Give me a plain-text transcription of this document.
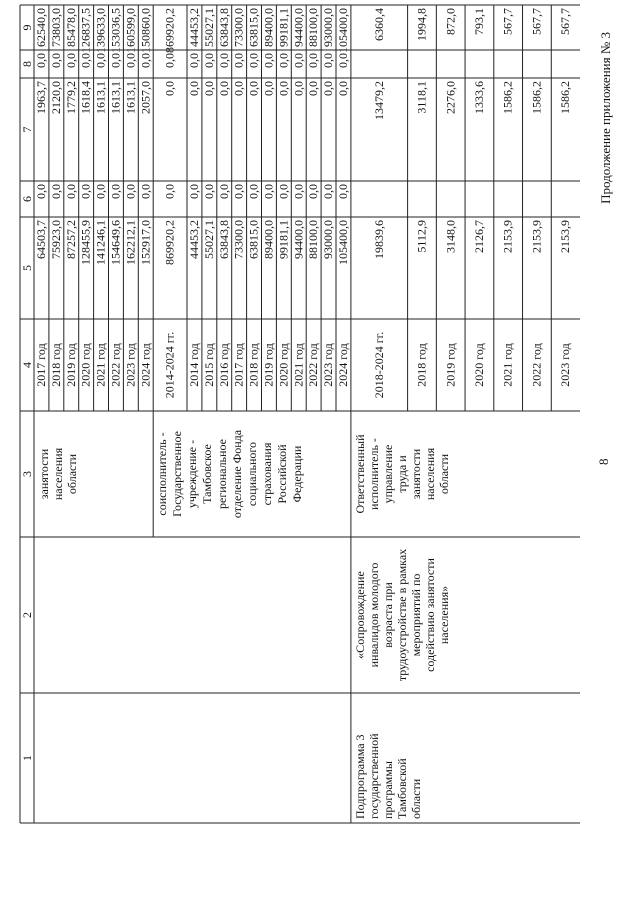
8
Продолжение приложения № 3
1
2
3
4
5
6
7
8
9
2017 год
64503,7
0,0
1963,7
0,0
62540,0
2018 год
75923,0
0,0
2120,0
0,0
73803,0
2019 год
87257,2
0,0
1779,2
0,0
85478,0
2020 год
128455,9
0,0
1618,4
0,0
126837,5
2021 год
141246,1
0,0
1613,1
0,0
139633,0
2022 год
154649,6
0,0
1613,1
0,0
153036,5
2023 год
162212,1
0,0
1613,1
0,0
160599,0
2024 год
152917,0
0,0
2057,0
0,0
150860,0
занятости населения области
2014-2024 гг.
869920,2
0,0
0,0
0,0
869920,2
2014 год
44453,2
0,0
0,0
0,0
44453,2
2015 год
55027,1
0,0
0,0
0,0
55027,1
2016 год
63843,8
0,0
0,0
0,0
63843,8
2017 год
73300,0
0,0
0,0
0,0
73300,0
2018 год
63815,0
0,0
0,0
0,0
63815,0
2019 год
89400,0
0,0
0,0
0,0
89400,0
2020 год
99181,1
0,0
0,0
0,0
99181,1
2021 год
94400,0
0,0
0,0
0,0
94400,0
2022 год
88100,0
0,0
0,0
0,0
88100,0
2023 год
93000,0
0,0
0,0
0,0
93000,0
2024 год
105400,0
0,0
0,0
0,0
105400,0
соисполнитель - Государственное учреждение - Тамбовское региональное отделение Фонда социального страхования Российской Федерации
2018-2024 гг.
19839,6
13479,2
6360,4
2018 год
5112,9
3118,1
1994,8
2019 год
3148,0
2276,0
872,0
2020 год
2126,7
1333,6
793,1
2021 год
2153,9
1586,2
567,7
2022 год
2153,9
1586,2
567,7
2023 год
2153,9
1586,2
567,7
Подпрограмма 3 государственной программы Тамбовской области
«Сопровождение инвалидов молодого возраста при трудоустройстве в рамках мероприятий по содействию занятости населения»
Ответственный исполнитель - управление труда и занятости населения области
